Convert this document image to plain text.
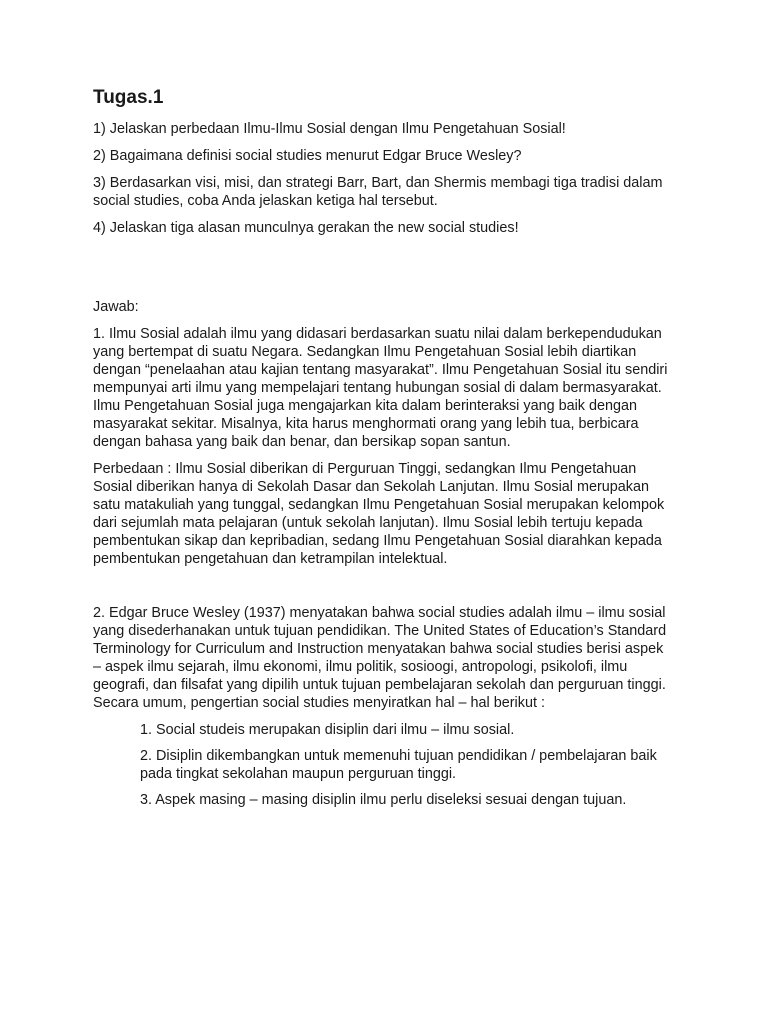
Tugas.1
1) Jelaskan perbedaan Ilmu-Ilmu Sosial dengan Ilmu Pengetahuan Sosial!
2) Bagaimana definisi social studies menurut Edgar Bruce Wesley?
3) Berdasarkan visi, misi, dan strategi Barr, Bart, dan Shermis membagi tiga tradisi dalam social studies, coba Anda jelaskan ketiga hal tersebut.
4) Jelaskan tiga alasan munculnya gerakan the new social studies!
Jawab:
1. Ilmu Sosial adalah ilmu yang didasari berdasarkan suatu nilai dalam berkependudukan yang bertempat di suatu Negara. Sedangkan Ilmu Pengetahuan Sosial lebih diartikan dengan “penelaahan atau kajian tentang masyarakat”. Ilmu Pengetahuan Sosial itu sendiri mempunyai arti ilmu yang mempelajari tentang hubungan sosial di dalam bermasyarakat. Ilmu Pengetahuan Sosial juga mengajarkan kita dalam berinteraksi yang baik dengan masyarakat sekitar. Misalnya, kita harus menghormati orang yang lebih tua, berbicara dengan bahasa yang baik dan benar, dan bersikap sopan santun.
Perbedaan : Ilmu Sosial diberikan di Perguruan Tinggi, sedangkan Ilmu Pengetahuan Sosial diberikan hanya di Sekolah Dasar dan Sekolah Lanjutan. Ilmu Sosial merupakan satu matakuliah yang tunggal, sedangkan Ilmu Pengetahuan Sosial merupakan kelompok dari sejumlah mata pelajaran (untuk sekolah lanjutan). Ilmu Sosial lebih tertuju kepada pembentukan sikap dan kepribadian, sedang Ilmu Pengetahuan Sosial diarahkan kepada pembentukan pengetahuan dan ketrampilan intelektual.
2. Edgar Bruce Wesley (1937) menyatakan bahwa social studies adalah ilmu – ilmu sosial yang disederhanakan untuk tujuan pendidikan. The United States of Education’s Standard Terminology for Curriculum and Instruction menyatakan bahwa social studies berisi aspek – aspek ilmu sejarah, ilmu ekonomi, ilmu politik, sosioogi, antropologi, psikolofi, ilmu geografi, dan filsafat yang dipilih untuk tujuan pembelajaran sekolah dan perguruan tinggi. Secara umum, pengertian social studies menyiratkan hal – hal berikut :
1. Social studeis merupakan disiplin dari ilmu – ilmu sosial.
2. Disiplin dikembangkan untuk memenuhi tujuan pendidikan / pembelajaran baik pada tingkat sekolahan maupun perguruan tinggi.
3. Aspek masing – masing disiplin ilmu perlu diseleksi sesuai dengan tujuan.
